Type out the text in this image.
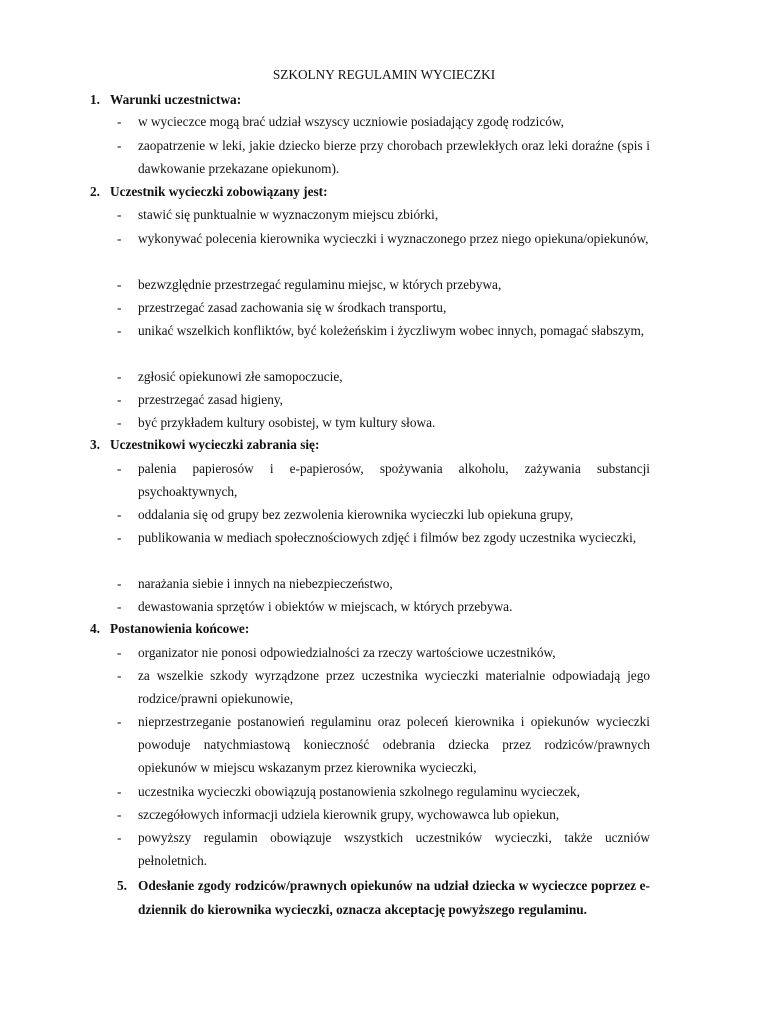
SZKOLNY REGULAMIN WYCIECZKI
1. Warunki uczestnictwa:
-	w wycieczce mogą brać udział wszyscy uczniowie posiadający zgodę rodziców,
-	zaopatrzenie w leki, jakie dziecko bierze przy chorobach przewlekłych oraz leki doraźne (spis i dawkowanie przekazane opiekunom).
2. Uczestnik wycieczki zobowiązany jest:
-	stawić się punktualnie w wyznaczonym miejscu zbiórki,
-	wykonywać polecenia kierownika wycieczki i wyznaczonego przez niego opiekuna/opiekunów,
-	bezwzględnie przestrzegać regulaminu miejsc, w których przebywa,
-	przestrzegać zasad zachowania się w środkach transportu,
-	unikać wszelkich konfliktów, być koleżeńskim i życzliwym wobec innych, pomagać słabszym,
-	zgłosić opiekunowi złe samopoczucie,
-	przestrzegać zasad higieny,
-	być przykładem kultury osobistej, w tym kultury słowa.
3. Uczestnikowi wycieczki zabrania się:
-	palenia papierosów i e-papierosów, spożywania alkoholu, zażywania substancji psychoaktywnych,
-	oddalania się od grupy bez zezwolenia kierownika wycieczki lub opiekuna grupy,
-	publikowania w mediach społecznościowych zdjęć i filmów bez zgody uczestnika wycieczki,
-	narażania siebie i innych na niebezpieczeństwo,
-	dewastowania sprzętów i obiektów w miejscach, w których przebywa.
4. Postanowienia końcowe:
-	organizator nie ponosi odpowiedzialności za rzeczy wartościowe uczestników,
-	za wszelkie szkody wyrządzone przez uczestnika wycieczki materialnie odpowiadają jego rodzice/prawni opiekunowie,
-	nieprzestrzeganie postanowień regulaminu oraz poleceń kierownika i opiekunów wycieczki powoduje natychmiastową konieczność odebrania dziecka przez rodziców/prawnych opiekunów w miejscu wskazanym przez kierownika wycieczki,
-	uczestnika wycieczki obowiązują postanowienia szkolnego regulaminu wycieczek,
-	szczegółowych informacji udziela kierownik grupy, wychowawca lub opiekun,
-	powyższy regulamin obowiązuje wszystkich uczestników wycieczki, także uczniów pełnoletnich.
5. Odesłanie zgody rodziców/prawnych opiekunów na udział dziecka w wycieczce poprzez e-dziennik do kierownika wycieczki, oznacza akceptację powyższego regulaminu.
